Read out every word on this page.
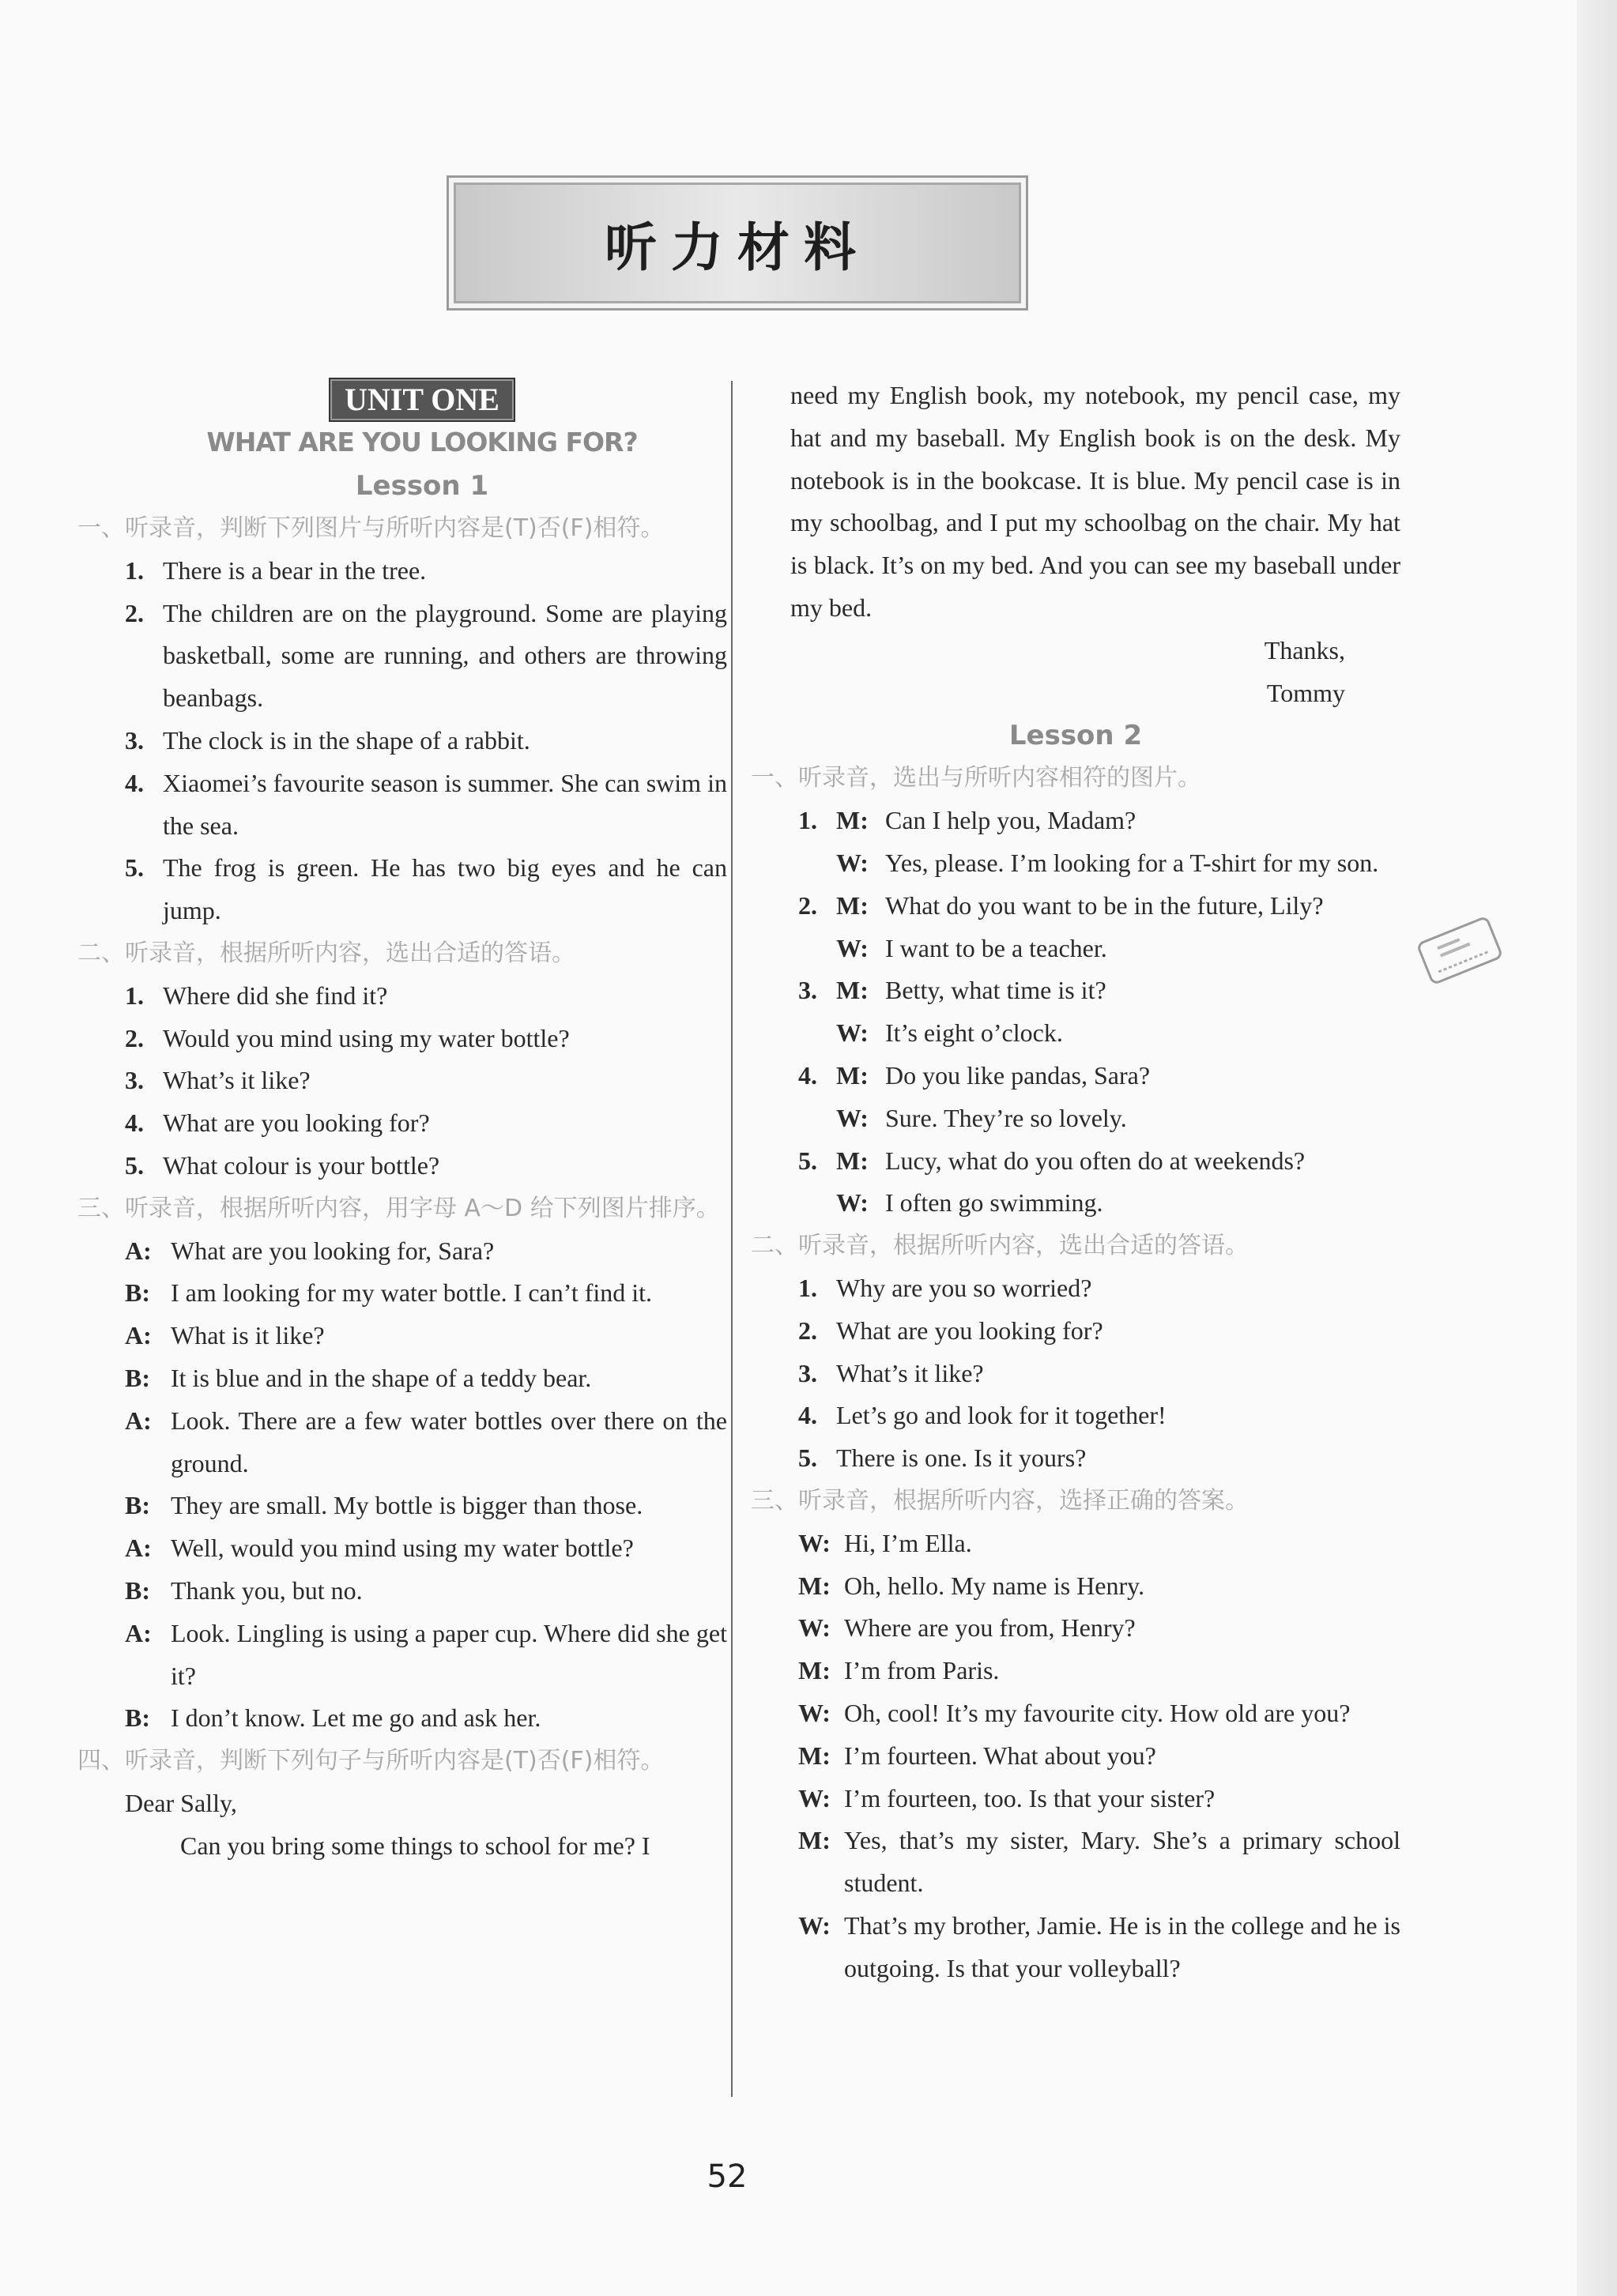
听力材料
UNIT ONE
WHAT ARE YOU LOOKING FOR?
Lesson 1
一、听录音，判断下列图片与所听内容是(T)否(F)相符。
1. There is a bear in the tree.
2. The children are on the playground. Some are playing basketball, some are running, and others are throwing beanbags.
3. The clock is in the shape of a rabbit.
4. Xiaomei’s favourite season is summer. She can swim in the sea.
5. The frog is green. He has two big eyes and he can jump.
二、听录音，根据所听内容，选出合适的答语。
1. Where did she find it?
2. Would you mind using my water bottle?
3. What’s it like?
4. What are you looking for?
5. What colour is your bottle?
三、听录音，根据所听内容，用字母 A～D 给下列图片排序。
A: What are you looking for, Sara?
B: I am looking for my water bottle. I can’t find it.
A: What is it like?
B: It is blue and in the shape of a teddy bear.
A: Look. There are a few water bottles over there on the ground.
B: They are small. My bottle is bigger than those.
A: Well, would you mind using my water bottle?
B: Thank you, but no.
A: Look. Lingling is using a paper cup. Where did she get it?
B: I don’t know. Let me go and ask her.
四、听录音，判断下列句子与所听内容是(T)否(F)相符。
Dear Sally,
Can you bring some things to school for me? I
need my English book, my notebook, my pencil case, my hat and my baseball. My English book is on the desk. My notebook is in the bookcase. It is blue. My pencil case is in my schoolbag, and I put my schoolbag on the chair. My hat is black. It’s on my bed. And you can see my baseball under my bed.
Thanks,
Tommy
Lesson 2
一、听录音，选出与所听内容相符的图片。
1. M: Can I help you, Madam?
W: Yes, please. I’m looking for a T-shirt for my son.
2. M: What do you want to be in the future, Lily?
W: I want to be a teacher.
3. M: Betty, what time is it?
W: It’s eight o’clock.
4. M: Do you like pandas, Sara?
W: Sure. They’re so lovely.
5. M: Lucy, what do you often do at weekends?
W: I often go swimming.
二、听录音，根据所听内容，选出合适的答语。
1. Why are you so worried?
2. What are you looking for?
3. What’s it like?
4. Let’s go and look for it together!
5. There is one. Is it yours?
三、听录音，根据所听内容，选择正确的答案。
W: Hi, I’m Ella.
M: Oh, hello. My name is Henry.
W: Where are you from, Henry?
M: I’m from Paris.
W: Oh, cool! It’s my favourite city. How old are you?
M: I’m fourteen. What about you?
W: I’m fourteen, too. Is that your sister?
M: Yes, that’s my sister, Mary. She’s a primary school student.
W: That’s my brother, Jamie. He is in the college and he is outgoing. Is that your volleyball?
52
